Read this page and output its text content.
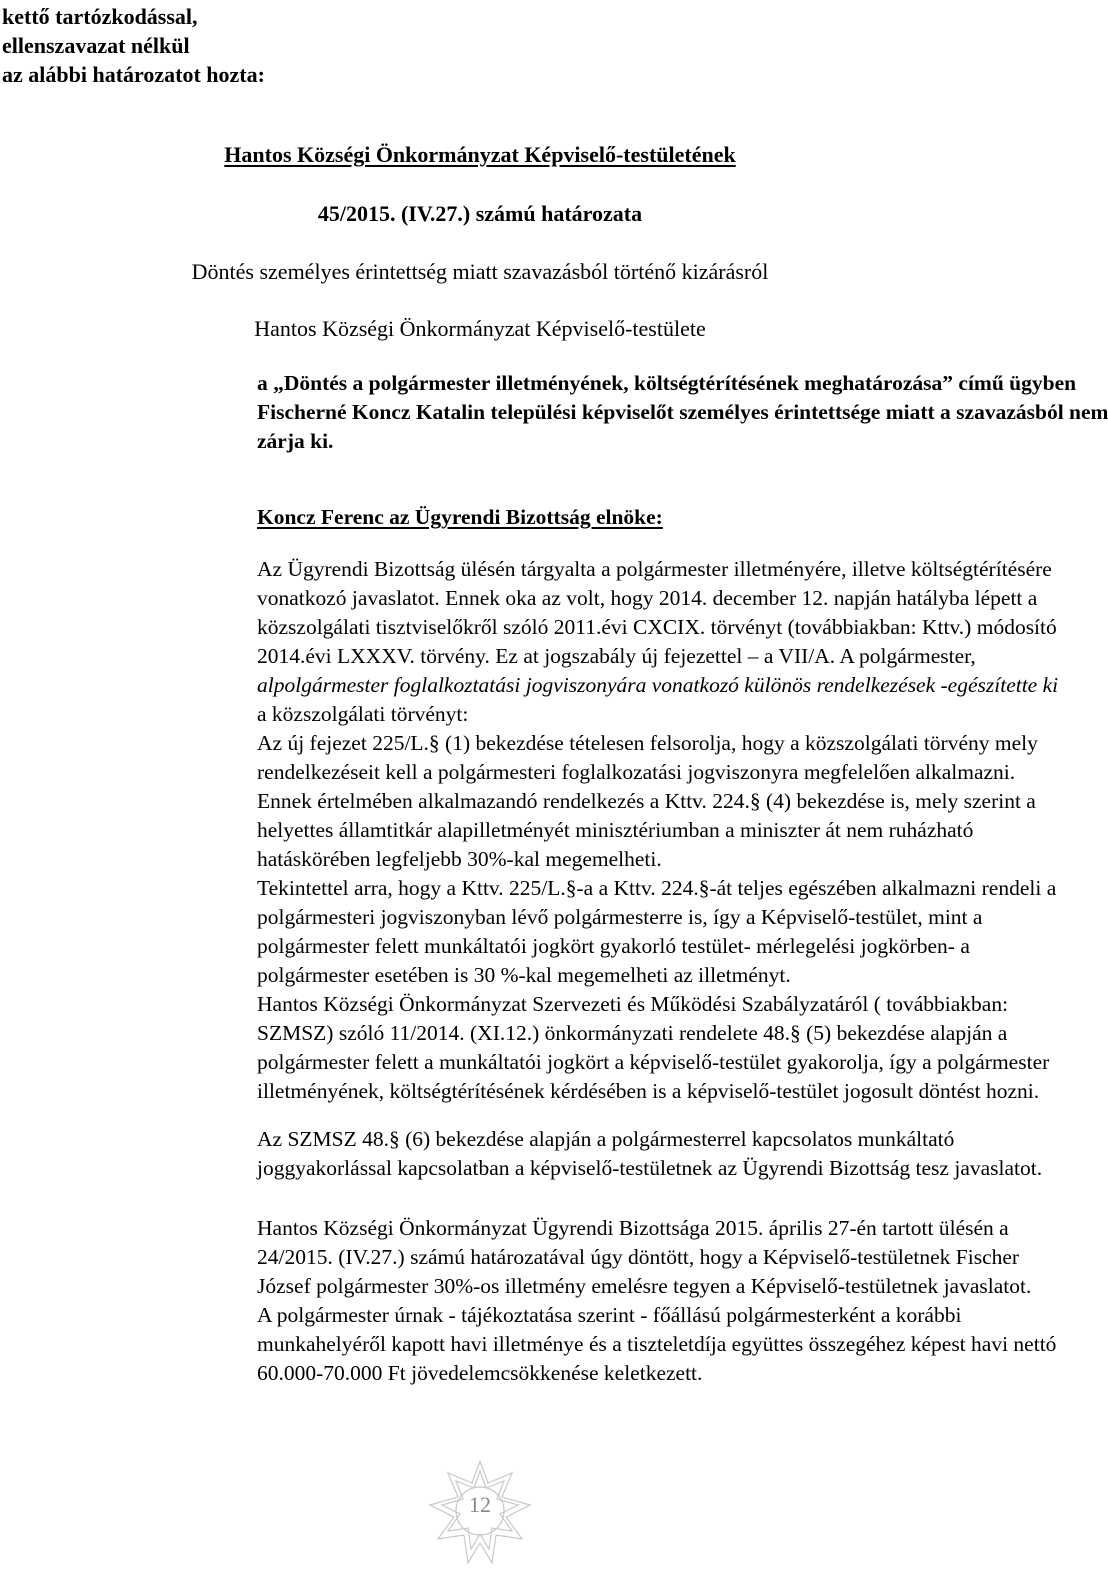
kettő tartózkodással,
ellenszavazat nélkül
az alábbi határozatot hozta:
Hantos Községi Önkormányzat Képviselő-testületének
45/2015. (IV.27.) számú határozata
Döntés személyes érintettség miatt szavazásból történő kizárásról
Hantos Községi Önkormányzat Képviselő-testülete
a „Döntés a polgármester illetményének, költségtérítésének meghatározása” című ügyben
Fischerné Koncz Katalin települési képviselőt személyes érintettsége miatt a szavazásból nem
zárja ki.
Koncz Ferenc az Ügyrendi Bizottság elnöke:
Az Ügyrendi Bizottság ülésén tárgyalta a polgármester illetményére, illetve költségtérítésére
vonatkozó javaslatot. Ennek oka az volt, hogy 2014. december 12. napján hatályba lépett a
közszolgálati tisztviselőkről szóló 2011.évi CXCIX. törvényt (továbbiakban: Kttv.) módosító
2014.évi LXXXV. törvény. Ez at jogszabály új fejezettel – a VII/A. A polgármester,
alpolgármester foglalkoztatási jogviszonyára vonatkozó különös rendelkezések -egészítette ki
a közszolgálati törvényt:
Az új fejezet 225/L.§ (1) bekezdése tételesen felsorolja, hogy a közszolgálati törvény mely
rendelkezéseit kell a polgármesteri foglalkozatási jogviszonyra megfelelően alkalmazni.
Ennek értelmében alkalmazandó rendelkezés a Kttv. 224.§ (4) bekezdése is, mely szerint a
helyettes államtitkár alapilletményét minisztériumban a miniszter át nem ruházható
hatáskörében legfeljebb 30%-kal megemelheti.
Tekintettel arra, hogy a Kttv. 225/L.§-a a Kttv. 224.§-át teljes egészében alkalmazni rendeli a
polgármesteri jogviszonyban lévő polgármesterre is, így a Képviselő-testület, mint a
polgármester felett munkáltatói jogkört gyakorló testület- mérlegelési jogkörben- a
polgármester esetében is 30 %-kal megemelheti az illetményt.
Hantos Községi Önkormányzat Szervezeti és Működési Szabályzatáról ( továbbiakban:
SZMSZ) szóló 11/2014. (XI.12.) önkormányzati rendelete 48.§ (5) bekezdése alapján a
polgármester felett a munkáltatói jogkört a képviselő-testület gyakorolja, így a polgármester
illetményének, költségtérítésének kérdésében is a képviselő-testület jogosult döntést hozni.
Az SZMSZ 48.§ (6) bekezdése alapján a polgármesterrel kapcsolatos munkáltató
joggyakorlással kapcsolatban a képviselő-testületnek az Ügyrendi Bizottság tesz javaslatot.
Hantos Községi Önkormányzat Ügyrendi Bizottsága 2015. április 27-én tartott ülésén a
24/2015. (IV.27.) számú határozatával úgy döntött, hogy a Képviselő-testületnek Fischer
József polgármester 30%-os illetmény emelésre tegyen a Képviselő-testületnek javaslatot.
A polgármester úrnak - tájékoztatása szerint - főállású polgármesterként a korábbi
munkahelyéről kapott havi illetménye és a tiszteletdíja együttes összegéhez képest havi nettó
60.000-70.000 Ft jövedelemcsökkenése keletkezett.
12
